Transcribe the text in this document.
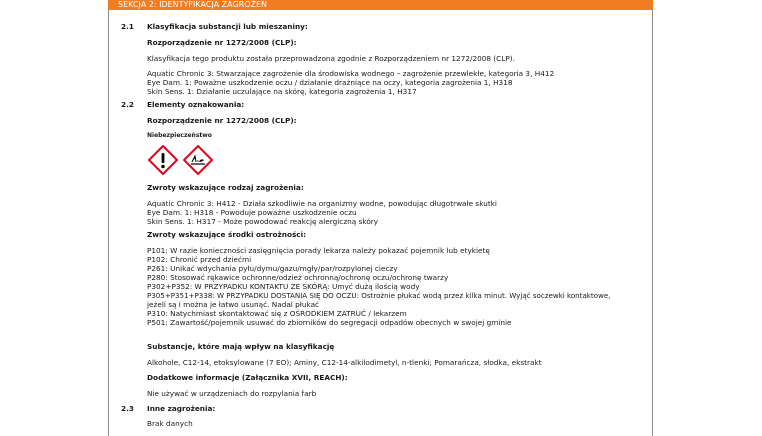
SEKCJA 2: IDENTYFIKACJA ZAGROŻEŃ
2.1 Klasyfikacja substancji lub mieszaniny:
Rozporządzenie nr 1272/2008 (CLP):
Klasyfikacja tego produktu została przeprowadzona zgodnie z Rozporządzeniem nr 1272/2008 (CLP).
Aquatic Chronic 3: Stwarzające zagrożenie dla środowiska wodnego – zagrożenie przewlekłe, kategoria 3, H412
Eye Dam. 1: Poważne uszkodzenie oczu / działanie drażniące na oczy, kategoria zagrożenia 1, H318
Skin Sens. 1: Działanie uczulające na skórę, kategoria zagrożenia 1, H317
2.2 Elementy oznakowania:
Rozporządzenie nr 1272/2008 (CLP):
Niebezpieczeństwo
Zwroty wskazujące rodzaj zagrożenia:
Aquatic Chronic 3: H412 - Działa szkodliwie na organizmy wodne, powodując długotrwałe skutki
Eye Dam. 1: H318 - Powoduje poważne uszkodzenie oczu
Skin Sens. 1: H317 - Może powodować reakcję alergiczną skóry
Zwroty wskazujące środki ostrożności:
P101: W razie konieczności zasięgnięcia porady lekarza należy pokazać pojemnik lub etykietę
P102: Chronić przed dziećmi
P261: Unikać wdychania pyłu/dymu/gazu/mgły/par/rozpylonej cieczy
P280: Stosować rękawice ochronne/odzież ochronną/ochronę oczu/ochronę twarzy
P302+P352: W PRZYPADKU KONTAKTU ZE SKÓRĄ: Umyć dużą ilością wody
P305+P351+P338: W PRZYPADKU DOSTANIA SIĘ DO OCZU: Ostrożnie płukać wodą przez kilka minut. Wyjąć soczewki kontaktowe,
jeżeli są i można je łatwo usunąć. Nadal płukać
P310: Natychmiast skontaktować się z OŚRODKIEM ZATRUĆ / lekarzem
P501: Zawartość/pojemnik usuwać do zbiorników do segregacji odpadów obecnych w swojej gminie
Substancje, które mają wpływ na klasyfikację
Alkohole, C12-14, etoksylowane (7 EO); Aminy, C12-14-alkilodimetyl, n-tlenki; Pomarańcza, słodka, ekstrakt
Dodatkowe informacje (Załącznika XVII, REACH):
Nie używać w urządzeniach do rozpylania farb
2.3 Inne zagrożenia:
Brak danych
